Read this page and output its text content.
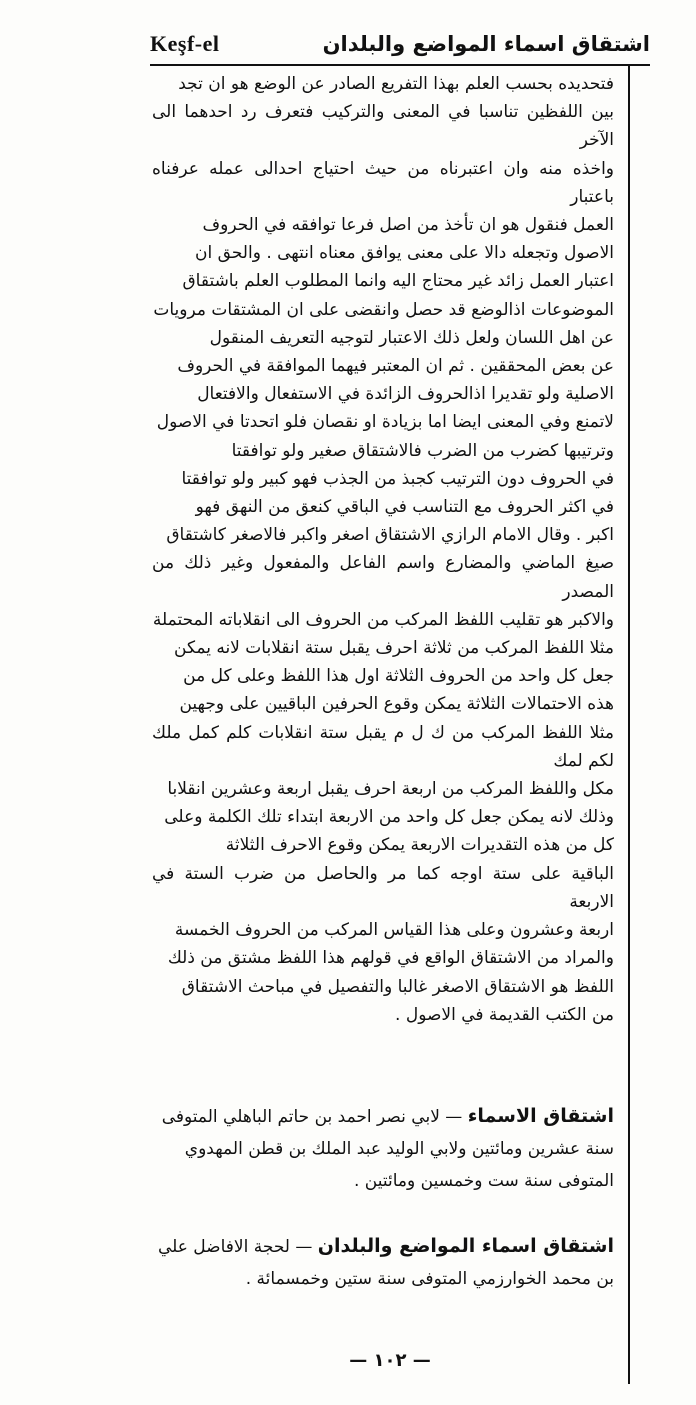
Keşf-el	اشتقاق اسماء المواضع والبلدان

فتحديده بحسب العلم بهذا التفريع الصادر عن الوضع هو ان تجد

بين اللفظين تناسبا في المعنى والتركيب فتعرف رد احدهما الى الآخر

واخذه منه وان اعتبرناه من حيث احتياج احدالى عمله عرفناه باعتبار

العمل فنقول هو ان تأخذ من اصل فرعا توافقه في الحروف

الاصول وتجعله دالا على معنى يوافق معناه انتهى . والحق ان

اعتبار العمل زائد غير محتاج اليه وانما المطلوب العلم باشتقاق

الموضوعات اذالوضع قد حصل وانقضى على ان المشتقات مرويات

عن اهل اللسان ولعل ذلك الاعتبار لتوجيه التعريف المنقول

عن بعض المحققين . ثم ان المعتبر فيهما الموافقة في الحروف

الاصلية ولو تقديرا اذالحروف الزائدة في الاستفعال والافتعال

لاتمنع وفي المعنى ايضا اما بزيادة او نقصان فلو اتحدتا في الاصول

وترتيبها كضرب من الضرب فالاشتقاق صغير ولو توافقتا

في الحروف دون الترتيب كجبذ من الجذب فهو كبير ولو توافقتا

في اكثر الحروف مع التناسب في الباقي كنعق من النهق فهو

اكبر . وقال الامام الرازي الاشتقاق اصغر واكبر فالاصغر كاشتقاق

صيغ الماضي والمضارع واسم الفاعل والمفعول وغير ذلك من المصدر

والاكبر هو تقليب اللفظ المركب من الحروف الى انقلاباته المحتملة

مثلا اللفظ المركب من ثلاثة احرف يقبل ستة انقلابات لانه يمكن

جعل كل واحد من الحروف الثلاثة اول هذا اللفظ وعلى كل من

هذه الاحتمالات الثلاثة يمكن وقوع الحرفين الباقيين على وجهين

مثلا اللفظ المركب من ك ل م يقبل ستة انقلابات كلم كمل ملك لكم لمك

مكل واللفظ المركب من اربعة احرف يقبل اربعة وعشرين انقلابا

وذلك لانه يمكن جعل كل واحد من الاربعة ابتداء تلك الكلمة وعلى

كل من هذه التقديرات الاربعة يمكن وقوع الاحرف الثلاثة

الباقية على ستة اوجه كما مر والحاصل من ضرب الستة في الاربعة

اربعة وعشرون وعلى هذا القياس المركب من الحروف الخمسة

والمراد من الاشتقاق الواقع في قولهم هذا اللفظ مشتق من ذلك

اللفظ هو الاشتقاق الاصغر غالبا والتفصيل في مباحث الاشتقاق

من الكتب القديمة في الاصول .

اشتقاق الاسماء — لابي نصر احمد بن حاتم الباهلي المتوفى سنة عشرين ومائتين ولابي الوليد عبد الملك بن قطن المهدوي المتوفى سنة ست وخمسين ومائتين .
اشتقاق اسماء المواضع والبلدان — لحجة الافاضل علي بن محمد الخوارزمي المتوفى سنة ستين وخمسمائة .
— ١٠٢ —
